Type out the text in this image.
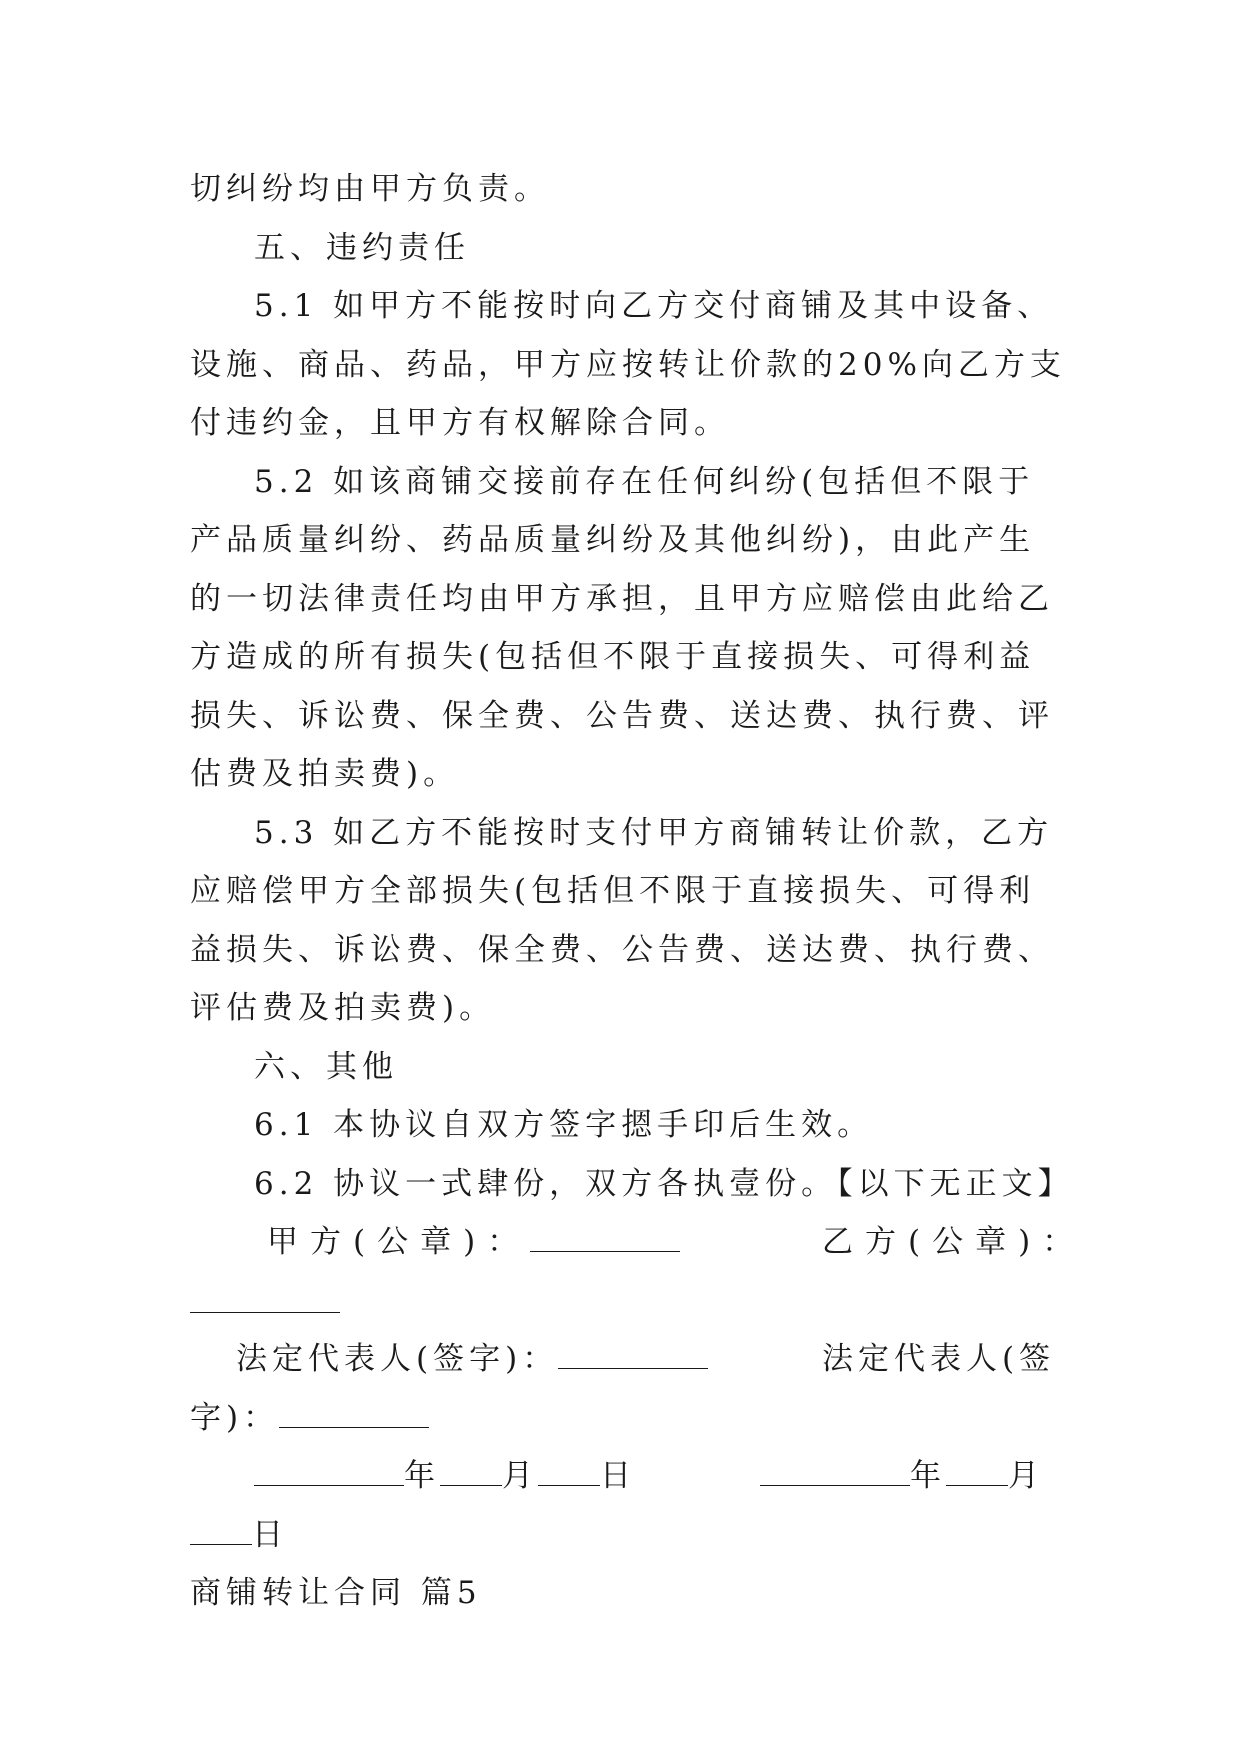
切纠纷均由甲方负责。

五、违约责任

5.1 如甲方不能按时向乙方交付商铺及其中设备、设施、商品、药品，甲方应按转让价款的20%向乙方支付违约金，且甲方有权解除合同。

5.2 如该商铺交接前存在任何纠纷(包括但不限于产品质量纠纷、药品质量纠纷及其他纠纷)，由此产生的一切法律责任均由甲方承担，且甲方应赔偿由此给乙方造成的所有损失(包括但不限于直接损失、可得利益损失、诉讼费、保全费、公告费、送达费、执行费、评估费及拍卖费)。

5.3 如乙方不能按时支付甲方商铺转让价款，乙方应赔偿甲方全部损失(包括但不限于直接损失、可得利益损失、诉讼费、保全费、公告费、送达费、执行费、评估费及拍卖费)。

六、其他

6.1 本协议自双方签字摁手印后生效。

6.2 协议一式肆份，双方各执壹份。【以下无正文】

甲方(公章)：	乙方(公章)：
法定代表人(签字)：	法定代表人(签
字)：
年 月 日	年 月
日
商铺转让合同 篇5
